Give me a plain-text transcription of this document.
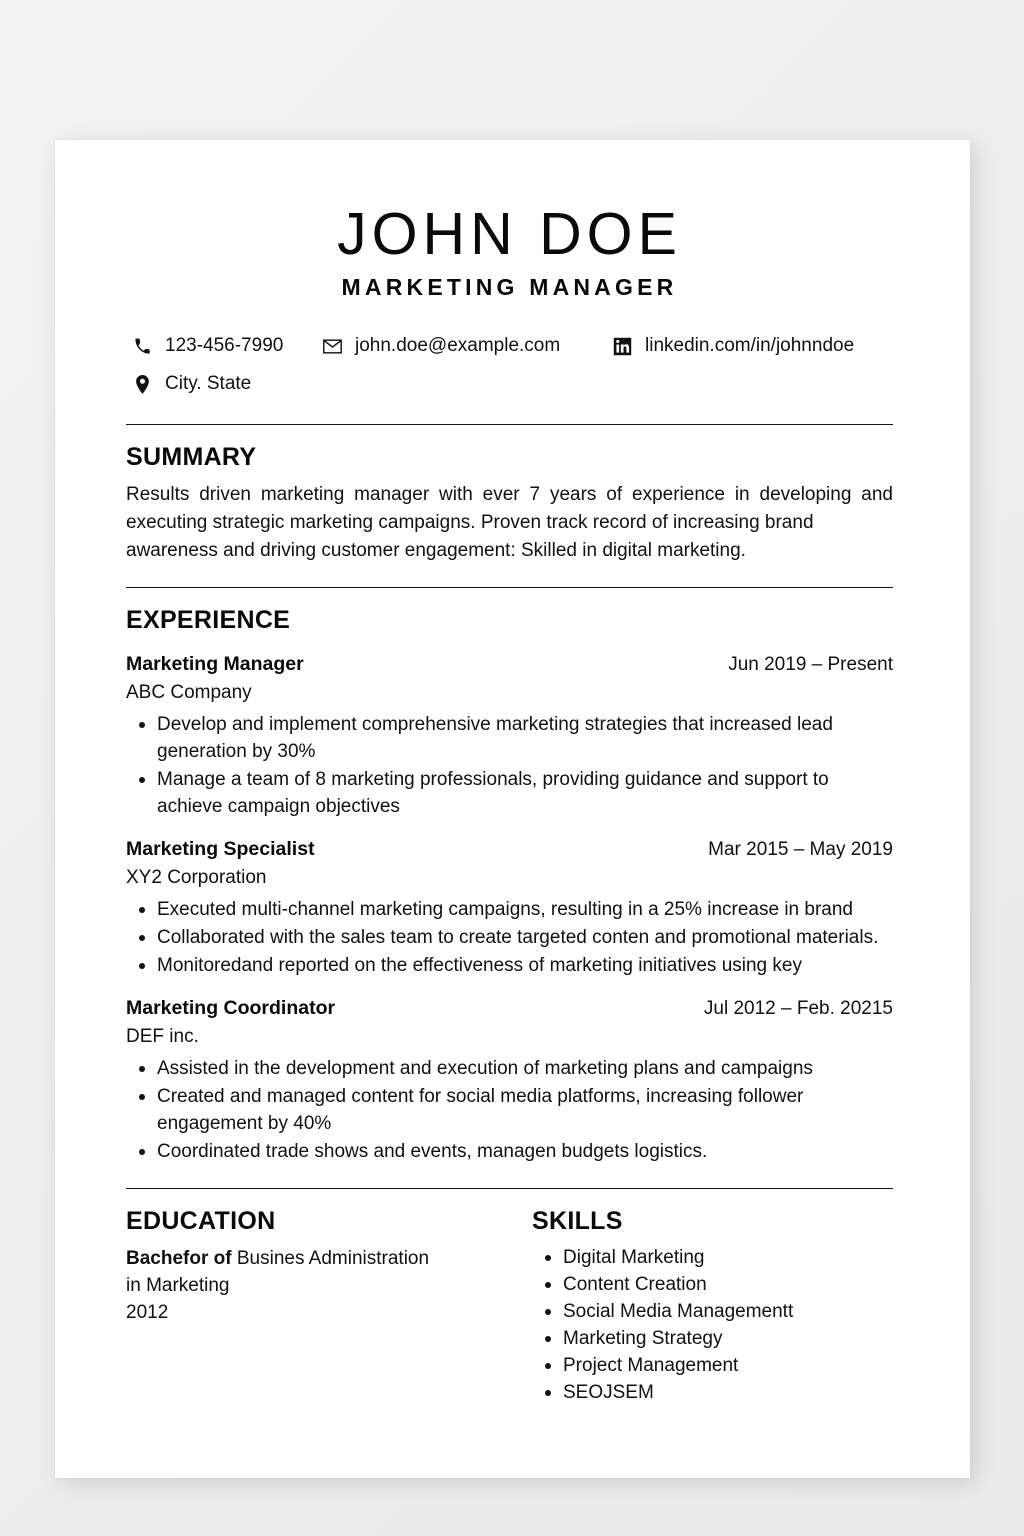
JOHN DOE
MARKETING MANAGER
123-456-7990	john.doe@example.com	linkedin.com/in/johnndoe
City. State
SUMMARY
Results driven marketing manager with ever 7 years of experience in developing and executing strategic marketing campaigns. Proven track record of increasing brand
awareness and driving customer engagement: Skilled in digital marketing.
EXPERIENCE
Marketing Manager	Jun 2019 – Present
ABC Company
Develop and implement comprehensive marketing strategies that increased lead generation by 30%
Manage a team of 8 marketing professionals, providing guidance and support to achieve campaign objectives
Marketing Specialist	Mar 2015 – May 2019
XY2 Corporation
Executed multi-channel marketing campaigns, resulting in a 25% increase in brand
Collaborated with the sales team to create targeted conten and promotional materials.
Monitoredand reported on the effectiveness of marketing initiatives using key
Marketing Coordinator	Jul 2012 – Feb. 20215
DEF inc.
Assisted in the development and execution of marketing plans and campaigns
Created and managed content for social media platforms, increasing follower engagement by 40%
Coordinated trade shows and events, managen budgets logistics.
EDUCATION
Bachefor of Busines Administration
in Marketing
2012
SKILLS
Digital Marketing
Content Creation
Social Media Managementt
Marketing Strategy
Project Management
SEOJSEM
